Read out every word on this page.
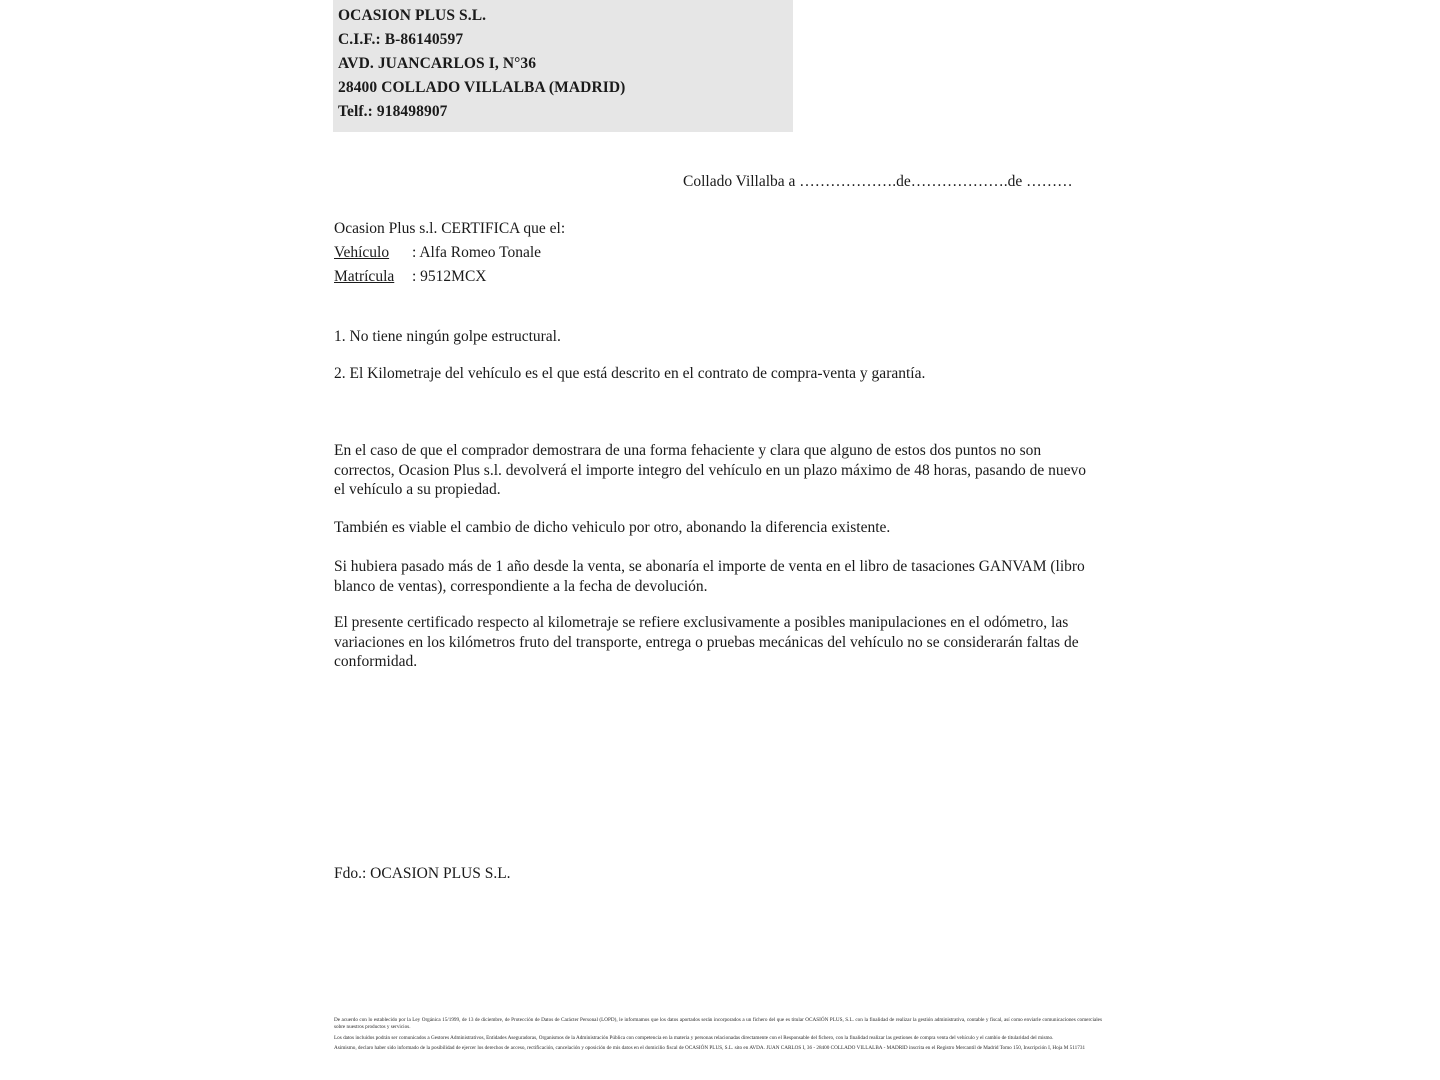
OCASION PLUS S.L.
C.I.F.: B-86140597
AVD. JUANCARLOS I, N°36
28400 COLLADO VILLALBA (MADRID)
Telf.: 918498907
Collado Villalba a ……………….de……………….de ………
Ocasion Plus s.l. CERTIFICA que el:
Vehículo : Alfa Romeo Tonale
Matrícula : 9512MCX
1. No tiene ningún golpe estructural.
2. El Kilometraje del vehículo es el que está descrito en el contrato de compra-venta y garantía.
En el caso de que el comprador demostrara de una forma fehaciente y clara que alguno de estos dos puntos no son correctos, Ocasion Plus s.l. devolverá el importe integro del vehículo en un plazo máximo de 48 horas, pasando de nuevo el vehículo a su propiedad.
También es viable el cambio de dicho vehiculo por otro, abonando la diferencia existente.
Si hubiera pasado más de 1 año desde la venta, se abonaría el importe de venta en el libro de tasaciones GANVAM (libro blanco de ventas), correspondiente a la fecha de devolución.
El presente certificado respecto al kilometraje se refiere exclusivamente a posibles manipulaciones en el odómetro, las variaciones en los kilómetros fruto del transporte, entrega o pruebas mecánicas del vehículo no se considerarán faltas de conformidad.
Fdo.: OCASION PLUS S.L.

De acuerdo con lo establecido por la Ley Orgánica 15/1999, de 13 de diciembre, de Protección de Datos de Carácter Personal (LOPD), le informamos que los datos aportados serán incorporados a un fichero del que es titular OCASIÓN PLUS, S.L. con la finalidad de realizar la gestión administrativa, contable y fiscal, así como enviarle comunicaciones comerciales sobre nuestros productos y servicios.

Los datos incluidos podrán ser comunicados a Gestores Administrativos, Entidades Aseguradoras, Organismos de la Administración Pública con competencia en la materia y personas relacionadas directamente con el Responsable del fichero, con la finalidad realizar las gestiones de compra venta del vehículo y el cambio de titularidad del mismo.

Asimismo, declaro haber sido informado de la posibilidad de ejercer los derechos de acceso, rectificación, cancelación y oposición de mis datos en el domicilio fiscal de OCASIÓN PLUS, S.L. sito en AVDA. JUAN CARLOS I, 36 - 28400 COLLADO VILLALBA - MADRID inscrita en el Registro Mercantil de Madrid Tomo 150, Inscripción I, Hoja M 511731
